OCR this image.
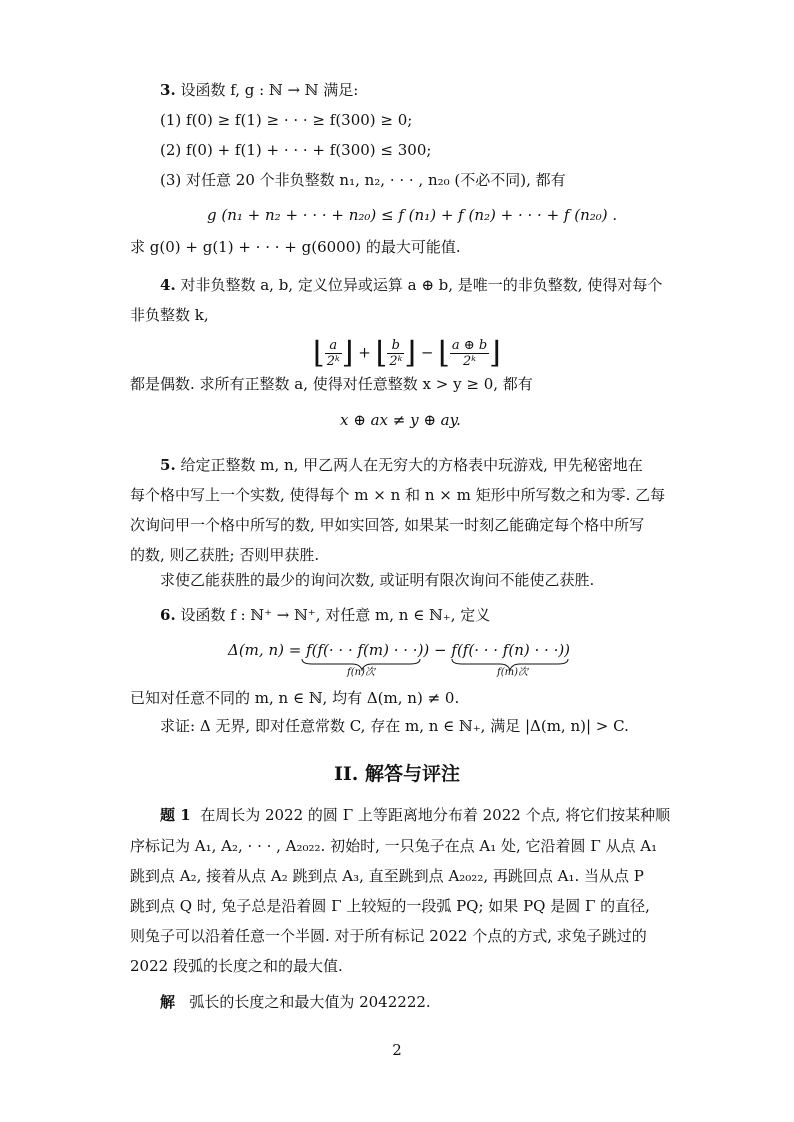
3. 设函数 f, g : ℕ → ℕ 满足:
(1) f(0) ≥ f(1) ≥ · · · ≥ f(300) ≥ 0;
(2) f(0) + f(1) + · · · + f(300) ≤ 300;
(3) 对任意 20 个非负整数 n₁, n₂, · · · , n₂₀ (不必不同), 都有
g (n₁ + n₂ + · · · + n₂₀) ≤ f (n₁) + f (n₂) + · · · + f (n₂₀) .
求 g(0) + g(1) + · · · + g(6000) 的最大可能值.
4. 对非负整数 a, b, 定义位异或运算 a ⊕ b, 是唯一的非负整数, 使得对每个
非负整数 k,
⌊ $\frac{a}{\text{2ᵏ}}$ ⌋ + ⌊ $\frac{b}{\text{2ᵏ}}$ ⌋ − ⌊ $\frac{a \oplus b}{\text{2ᵏ}}$ ⌋
都是偶数. 求所有正整数 a, 使得对任意整数 x > y ≥ 0, 都有
x ⊕ ax ≠ y ⊕ ay.
5. 给定正整数 m, n, 甲乙两人在无穷大的方格表中玩游戏, 甲先秘密地在
每个格中写上一个实数, 使得每个 m × n 和 n × m 矩形中所写数之和为零. 乙每
次询问甲一个格中所写的数, 甲如实回答, 如果某一时刻乙能确定每个格中所写
的数, 则乙获胜; 否则甲获胜.
求使乙能获胜的最少的询问次数, 或证明有限次询问不能使乙获胜.
6. 设函数 f : ℕ⁺ → ℕ⁺, 对任意 m, n ∈ ℕ₊, 定义
Δ(m, n) = f(f(· · · f(m) · · ·)) − f(f(· · · f(n) · · ·))
f(n)次	f(m)次
已知对任意不同的 m, n ∈ ℕ, 均有 Δ(m, n) ≠ 0.
求证: Δ 无界, 即对任意常数 C, 存在 m, n ∈ ℕ₊, 满足 |Δ(m, n)| > C.
II. 解答与评注
题 1 在周长为 2022 的圆 Γ 上等距离地分布着 2022 个点, 将它们按某种顺
序标记为 A₁, A₂, · · · , A₂₀₂₂. 初始时, 一只兔子在点 A₁ 处, 它沿着圆 Γ 从点 A₁
跳到点 A₂, 接着从点 A₂ 跳到点 A₃, 直至跳到点 A₂₀₂₂, 再跳回点 A₁. 当从点 P
跳到点 Q 时, 兔子总是沿着圆 Γ 上较短的一段弧 PQ; 如果 PQ 是圆 Γ 的直径,
则兔子可以沿着任意一个半圆. 对于所有标记 2022 个点的方式, 求兔子跳过的
2022 段弧的长度之和的最大值.
解 弧长的长度之和最大值为 2042222.
2
